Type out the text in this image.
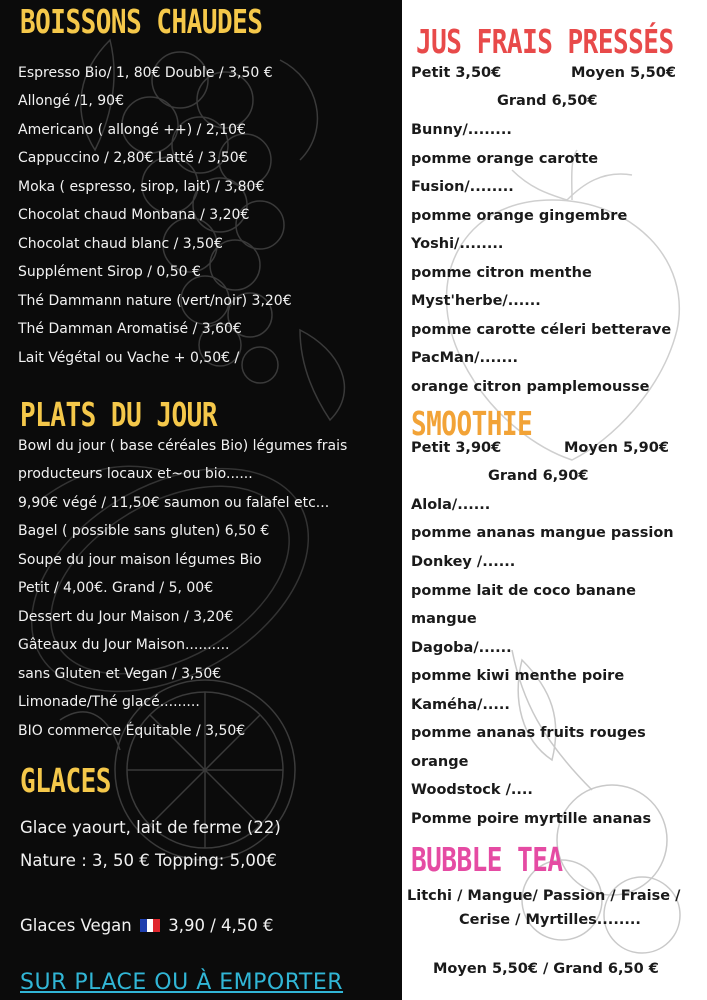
BOISSONS CHAUDES
Espresso Bio/ 1, 80€ Double / 3,50 €
Allongé /1, 90€
Americano ( allongé ++) / 2,10€
Cappuccino / 2,80€ Latté / 3,50€
Moka ( espresso, sirop, lait) / 3,80€
Chocolat chaud Monbana / 3,20€
Chocolat chaud blanc / 3,50€
Supplément Sirop / 0,50 €
Thé Dammann nature (vert/noir) 3,20€
Thé Damman Aromatisé / 3,60€
Lait Végétal ou Vache + 0,50€ /
PLATS DU JOUR
Bowl du jour ( base céréales Bio) légumes frais
producteurs locaux et~ou bio......
9,90€ végé / 11,50€ saumon ou falafel etc...
Bagel ( possible sans gluten) 6,50 €
Soupe du jour maison légumes Bio
Petit / 4,00€. Grand / 5, 00€
Dessert du Jour Maison / 3,20€
Gâteaux du Jour Maison..........
sans Gluten et Vegan / 3,50€
Limonade/Thé glacé.........
BIO commerce Équitable / 3,50€
GLACES
Glace yaourt, lait de ferme (22)
Nature : 3, 50 € Topping: 5,00€
Glaces Vegan 3,90 / 4,50 €
SUR PLACE OU À EMPORTER
JUS FRAIS PRESSÉS
Petit 3,50€	Moyen 5,50€
Grand 6,50€
Bunny/........
pomme orange carotte
Fusion/........
pomme orange gingembre
Yoshi/........
pomme citron menthe
Myst'herbe/......
pomme carotte céleri betterave
PacMan/.......
orange citron pamplemousse
SMOOTHIE
Petit 3,90€	Moyen 5,90€
Grand 6,90€
Alola/......
pomme ananas mangue passion
Donkey /......
pomme lait de coco banane
mangue
Dagoba/......
pomme kiwi menthe poire
Kaméha/.....
pomme ananas fruits rouges
orange
Woodstock /....
Pomme poire myrtille ananas
BUBBLE TEA
Litchi / Mangue/ Passion / Fraise /
Cerise / Myrtilles........
Moyen 5,50€ / Grand 6,50 €
